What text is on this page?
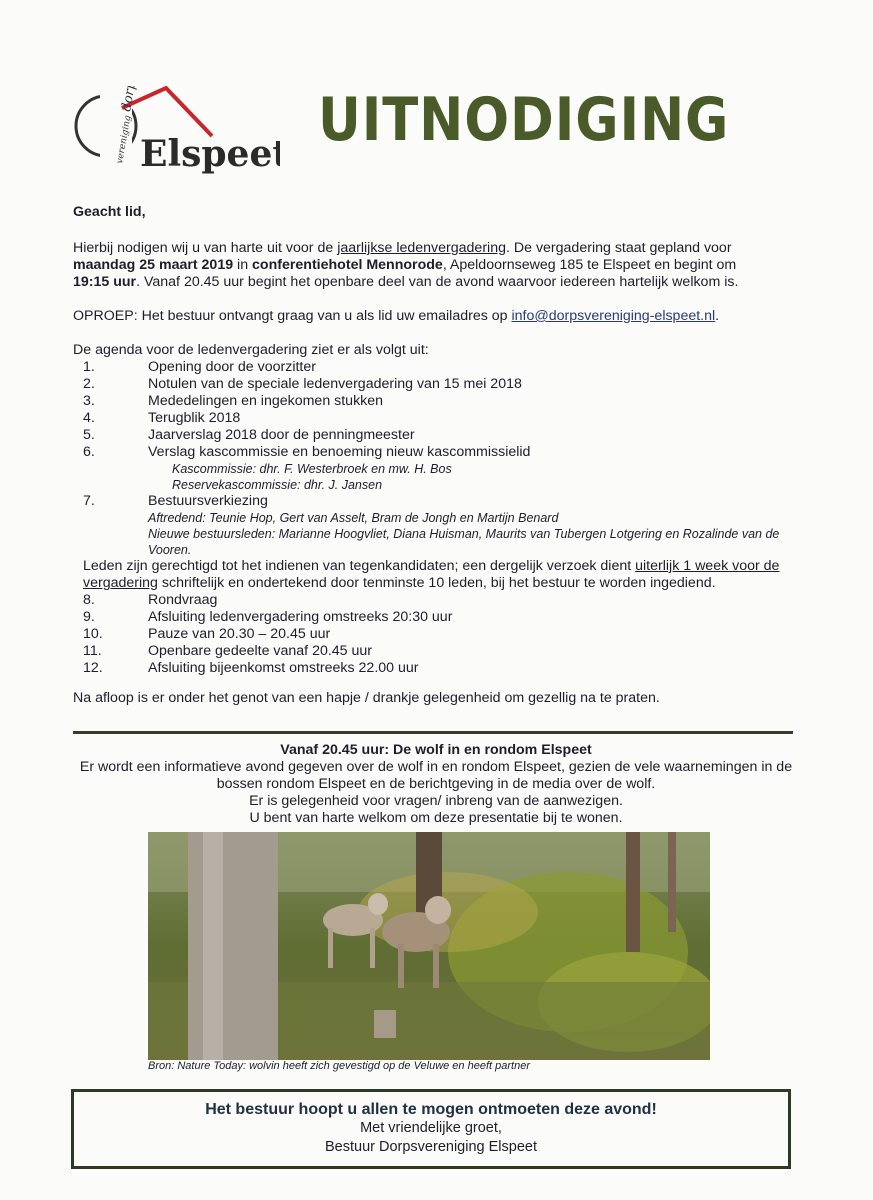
dorps
vereniging Elspeet UITNODIGING

Geacht lid,

Hierbij nodigen wij u van harte uit voor de jaarlijkse ledenvergadering. De vergadering staat gepland voor
maandag 25 maart 2019 in conferentiehotel Mennorode, Apeldoornseweg 185 te Elspeet en begint om
19:15 uur. Vanaf 20.45 uur begint het openbare deel van de avond waarvoor iedereen hartelijk welkom is.

OPROEP: Het bestuur ontvangt graag van u als lid uw emailadres op info@dorpsvereniging-elspeet.nl.

De agenda voor de ledenvergadering ziet er als volgt uit:

1.	Opening door de voorzitter
2.	Notulen van de speciale ledenvergadering van 15 mei 2018
3.	Mededelingen en ingekomen stukken
4.	Terugblik 2018
5.	Jaarverslag 2018 door de penningmeester
6.	Verslag kascommissie en benoeming nieuw kascommissielid
Kascommissie: dhr. F. Westerbroek en mw. H. Bos
Reservekascommissie: dhr. J. Jansen
7.	Bestuursverkiezing
Aftredend: Teunie Hop, Gert van Asselt, Bram de Jongh en Martijn Benard
Nieuwe bestuursleden: Marianne Hoogvliet, Diana Huisman, Maurits van Tubergen Lotgering en Rozalinde van de Vooren.
Leden zijn gerechtigd tot het indienen van tegenkandidaten; een dergelijk verzoek dient uiterlijk 1 week voor de vergadering schriftelijk en ondertekend door tenminste 10 leden, bij het bestuur te worden ingediend.
8.	Rondvraag
9.	Afsluiting ledenvergadering omstreeks 20:30 uur
10.	Pauze van 20.30 – 20.45 uur
11.	Openbare gedeelte vanaf 20.45 uur
12.	Afsluiting bijeenkomst omstreeks 22.00 uur

Na afloop is er onder het genot van een hapje / drankje gelegenheid om gezellig na te praten.

Vanaf 20.45 uur: De wolf in en rondom Elspeet
Er wordt een informatieve avond gegeven over de wolf in en rondom Elspeet, gezien de vele waarnemingen in de
bossen rondom Elspeet en de berichtgeving in de media over de wolf.
Er is gelegenheid voor vragen/ inbreng van de aanwezigen.
U bent van harte welkom om deze presentatie bij te wonen.
Bron: Nature Today: wolvin heeft zich gevestigd op de Veluwe en heeft partner
Het bestuur hoopt u allen te mogen ontmoeten deze avond!
Met vriendelijke groet,
Bestuur Dorpsvereniging Elspeet
